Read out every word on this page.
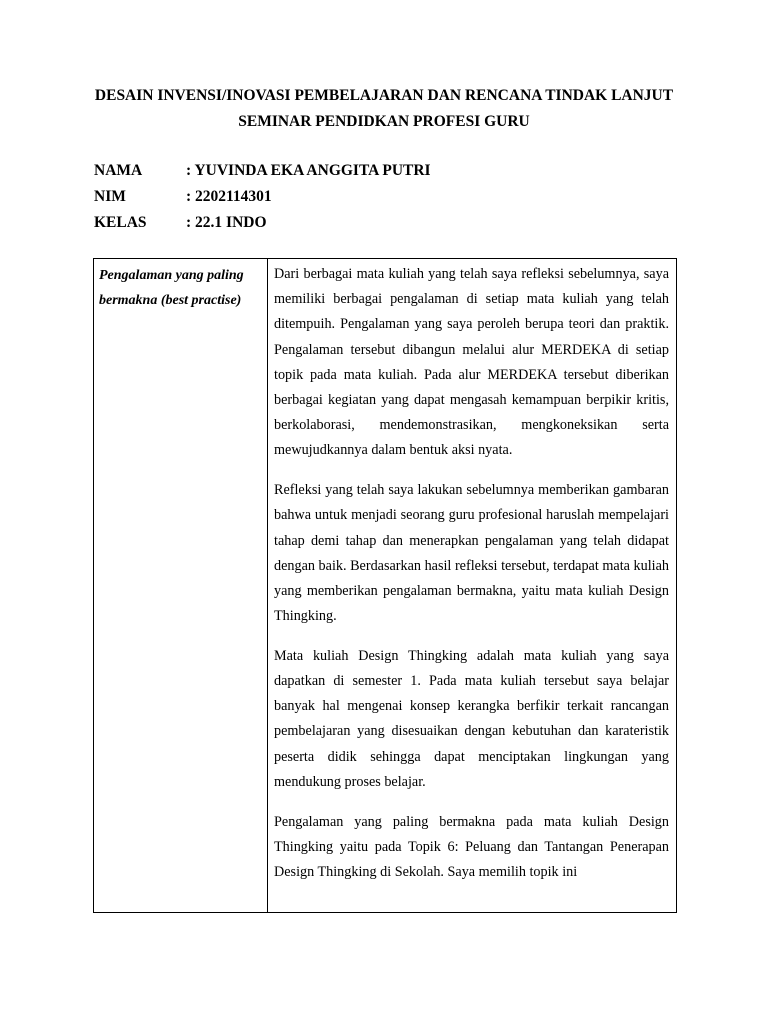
DESAIN INVENSI/INOVASI PEMBELAJARAN DAN RENCANA TINDAK LANJUT

SEMINAR PENDIDKAN PROFESI GURU

NAMA	: YUVINDA EKA ANGGITA PUTRI
NIM	: 2202114301
KELAS	: 22.1 INDO

Pengalaman yang paling bermakna (best practise)

Dari berbagai mata kuliah yang telah saya refleksi sebelumnya, saya memiliki berbagai pengalaman di setiap mata kuliah yang telah ditempuih. Pengalaman yang saya peroleh berupa teori dan praktik. Pengalaman tersebut dibangun melalui alur MERDEKA di setiap topik pada mata kuliah. Pada alur MERDEKA tersebut diberikan berbagai kegiatan yang dapat mengasah kemampuan berpikir kritis, berkolaborasi, mendemonstrasikan, mengkoneksikan serta mewujudkannya dalam bentuk aksi nyata.

Refleksi yang telah saya lakukan sebelumnya memberikan gambaran bahwa untuk menjadi seorang guru profesional haruslah mempelajari tahap demi tahap dan menerapkan pengalaman yang telah didapat dengan baik. Berdasarkan hasil refleksi tersebut, terdapat mata kuliah yang memberikan pengalaman bermakna, yaitu mata kuliah Design Thingking.

Mata kuliah Design Thingking adalah mata kuliah yang saya dapatkan di semester 1. Pada mata kuliah tersebut saya belajar banyak hal mengenai konsep kerangka berfikir terkait rancangan pembelajaran yang disesuaikan dengan kebutuhan dan karateristik peserta didik sehingga dapat menciptakan lingkungan yang mendukung proses belajar.

Pengalaman yang paling bermakna pada mata kuliah Design Thingking yaitu pada Topik 6: Peluang dan Tantangan Penerapan Design Thingking di Sekolah. Saya memilih topik ini
